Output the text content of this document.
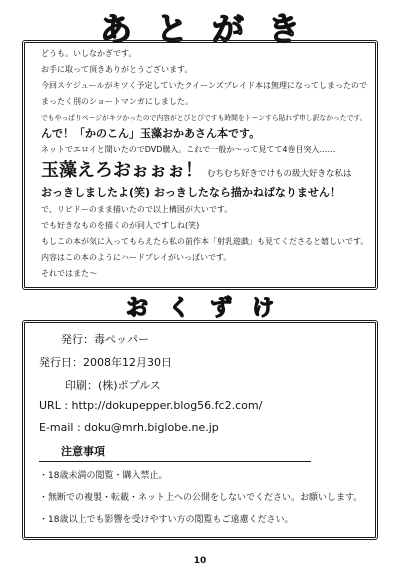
あとがき
どうも。いしなかぎです。
お手に取って頂きありがとうございます。
今回スケジュールがキツく予定していたクイーンズブレイド本は無理になってしまったので
まったく別のショートマンガにしました。
でもやっぱりページがキツかったので内容がとびとびですも時間をトーンすら貼れず申し訳なかったです。
んで！「かのこん」玉藻おかあさん本です。
ネットでエロイと聞いたのでDVD購入。これで一般か〜って見てて4巻目突入……
玉藻えろおぉぉぉ！ むちむち好きでけもの級大好きな私は
おっきしましたよ(笑) おっきしたなら描かねばなりません！
で、リビドーのまま描いたので以上構図が大いです。
でも好きなものを描くのが同人ですしね(笑)
もしこの本が気に入ってもらえたら私の前作本「射乳遊戯」も見てくださると嬉しいです。
内容はこの本のようにハードプレイがいっぱいです。
それではまた〜
おくずけ
発行：毒ペッパー
発行日：2008年12月30日
印刷：(株)ポプルス
URL : http://dokupepper.blog56.fc2.com/
E-mail : doku@mrh.biglobe.ne.jp
注意事項
・18歳未満の閲覧・購入禁止。
・無断での複製・転載・ネット上への公開をしないでください。お願いします。
・18歳以上でも影響を受けやすい方の閲覧もご遠慮ください。
10
